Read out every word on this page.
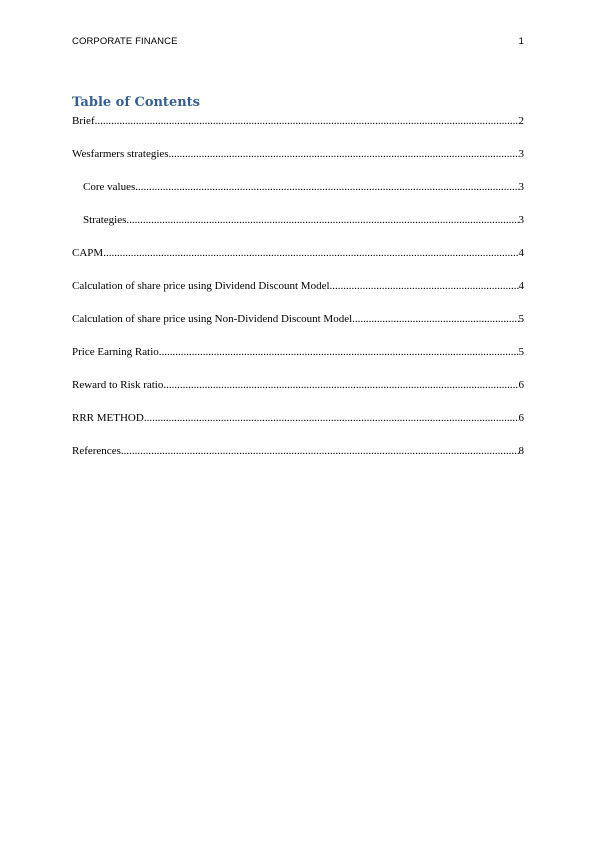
CORPORATE FINANCE	1
Table of Contents
Brief .....	2
Wesfarmers strategies .....	3
Core values .....	3
Strategies .....	3
CAPM .....	4
Calculation of share price using Dividend Discount Model .....	4
Calculation of share price using Non-Dividend Discount Model .....	5
Price Earning Ratio .....	5
Reward to Risk ratio .....	6
RRR METHOD .....	6
References .....	8
